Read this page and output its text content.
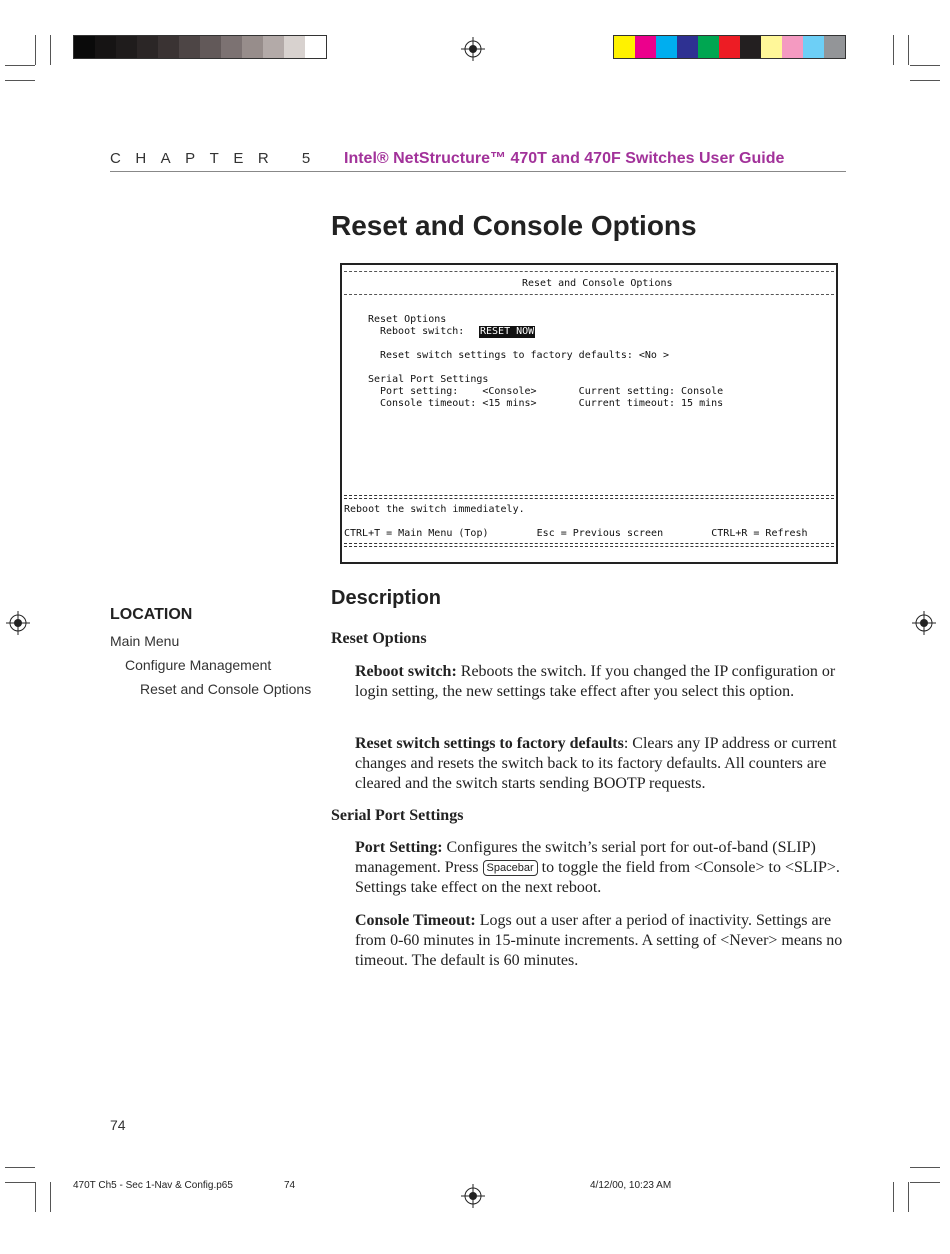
CHAPTER 5 Intel® NetStructure™ 470T and 470F Switches User Guide
Reset and Console Options
Reset and Console Options
Reset Options
Reboot switch: RESET NOW
Reset switch settings to factory defaults: <No >
Serial Port Settings
Port setting:    <Console>       Current setting: Console
Console timeout: <15 mins>       Current timeout: 15 mins
Reboot the switch immediately.
CTRL+T = Main Menu (Top)        Esc = Previous screen        CTRL+R = Refresh
LOCATION
Main Menu
Configure Management
Reset and Console Options
Description
Reset Options
Reboot switch: Reboots the switch. If you changed the IP configuration or login setting, the new settings take effect after you select this option.
Reset switch settings to factory defaults: Clears any IP address or current changes and resets the switch back to its factory defaults. All counters are cleared and the switch starts sending BOOTP requests.
Serial Port Settings
Port Setting: Configures the switch’s serial port for out-of-band (SLIP) management. Press Spacebar to toggle the field from <Console> to <SLIP>. Settings take effect on the next reboot.
Console Timeout: Logs out a user after a period of inactivity. Settings are from 0-60 minutes in 15-minute increments. A setting of <Never> means no timeout. The default is 60 minutes.
74
470T Ch5 - Sec 1-Nav & Config.p65	74	4/12/00, 10:23 AM
